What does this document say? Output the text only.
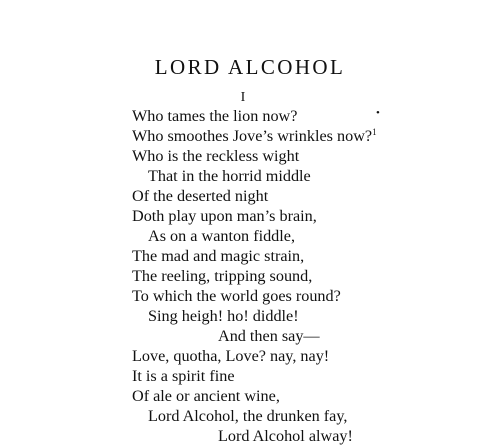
LORD ALCOHOL
I
•
Who tames the lion now?
Who smoothes Jove’s wrinkles now?$^1$
Who is the reckless wight
That in the horrid middle
Of the deserted night
Doth play upon man’s brain,
As on a wanton fiddle,
The mad and magic strain,
The reeling, tripping sound,
To which the world goes round?
Sing heigh! ho! diddle!
And then say—
Love, quotha, Love? nay, nay!
It is a spirit fine
Of ale or ancient wine,
Lord Alcohol, the drunken fay,
Lord Alcohol alway!
